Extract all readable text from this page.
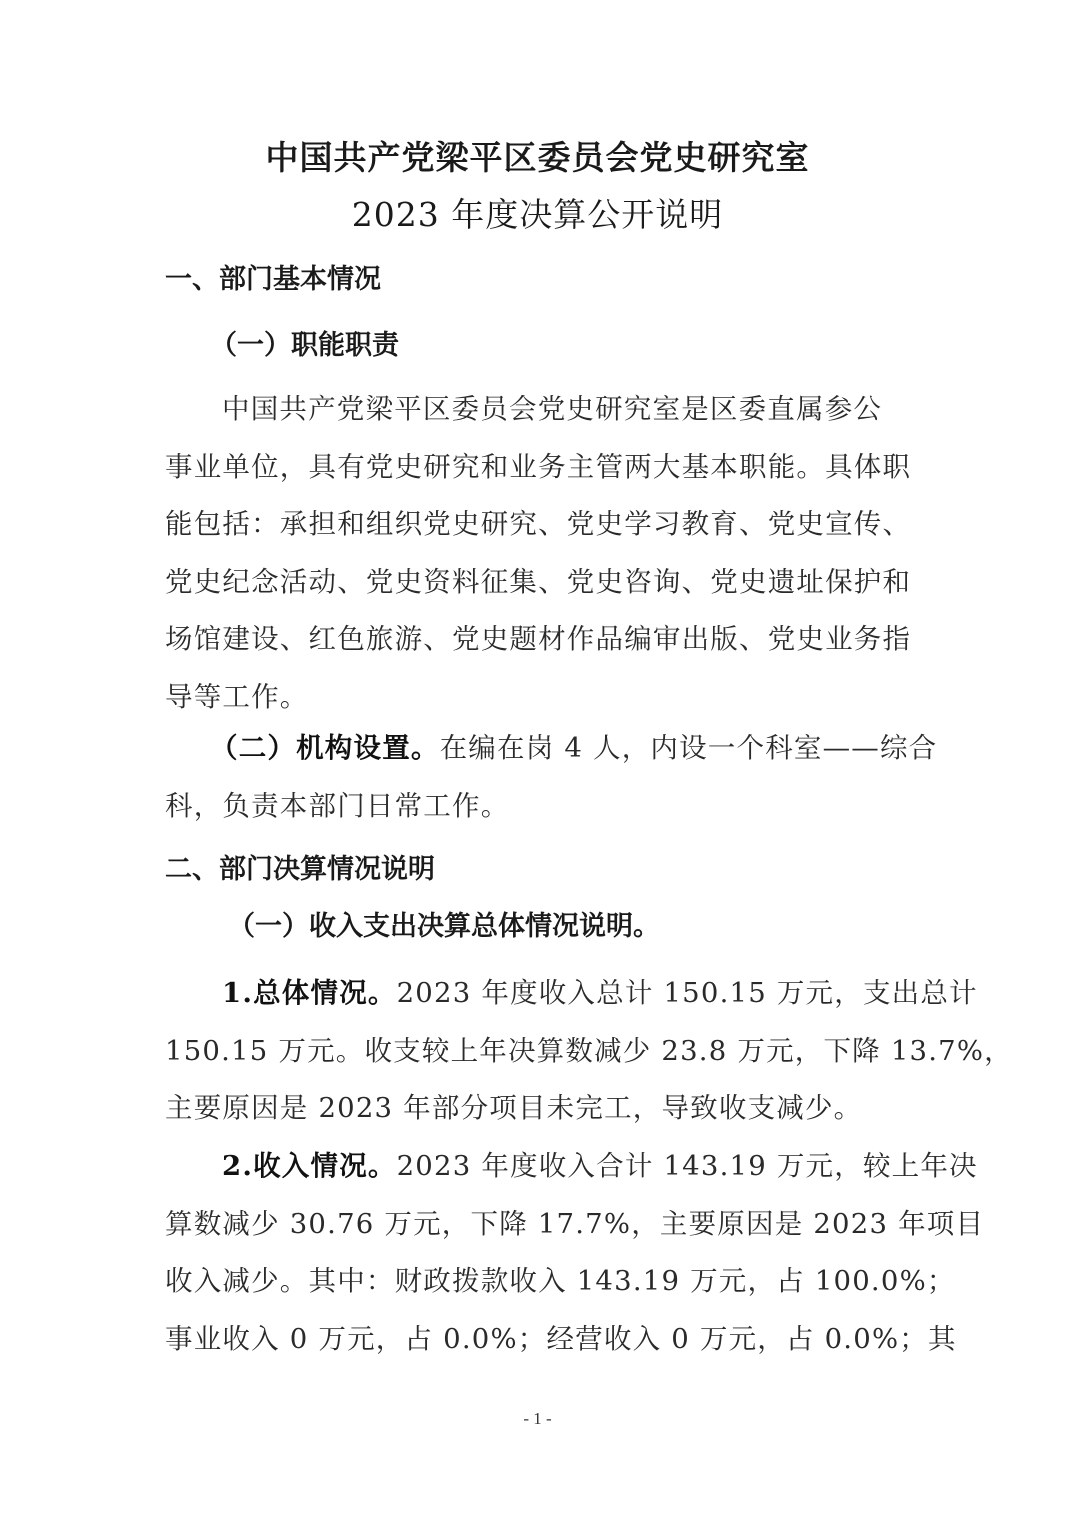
中国共产党梁平区委员会党史研究室
2023 年度决算公开说明
一、部门基本情况
（一）职能职责
中国共产党梁平区委员会党史研究室是区委直属参公
事业单位，具有党史研究和业务主管两大基本职能。具体职
能包括：承担和组织党史研究、党史学习教育、党史宣传、
党史纪念活动、党史资料征集、党史咨询、党史遗址保护和
场馆建设、红色旅游、党史题材作品编审出版、党史业务指
导等工作。
（二）机构设置。在编在岗 4 人，内设一个科室——综合
科，负责本部门日常工作。
二、部门决算情况说明
（一）收入支出决算总体情况说明。
1.总体情况。2023 年度收入总计 150.15 万元，支出总计
150.15 万元。收支较上年决算数减少 23.8 万元，下降 13.7%，
主要原因是 2023 年部分项目未完工，导致收支减少。
2.收入情况。2023 年度收入合计 143.19 万元，较上年决
算数减少 30.76 万元，下降 17.7%，主要原因是 2023 年项目
收入减少。其中：财政拨款收入 143.19 万元，占 100.0%；
事业收入 0 万元，占 0.0%；经营收入 0 万元，占 0.0%；其
- 1 -
